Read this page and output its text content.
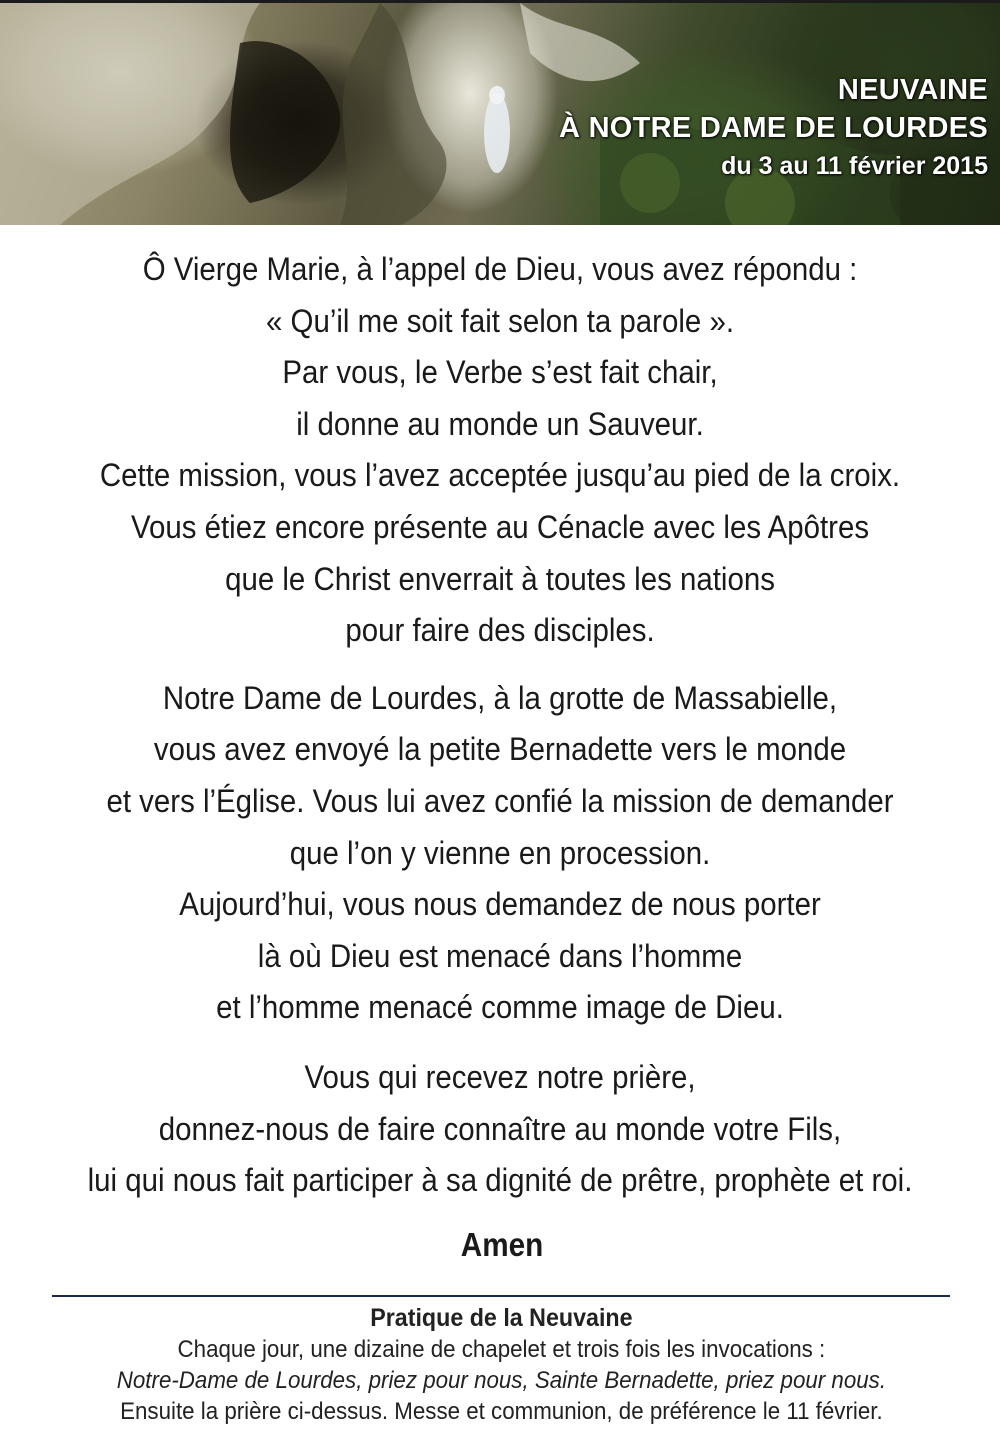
NEUVAINE
À NOTRE DAME DE LOURDES
du 3 au 11 février 2015
Ô Vierge Marie, à l’appel de Dieu, vous avez répondu :
« Qu’il me soit fait selon ta parole ».
Par vous, le Verbe s’est fait chair,
il donne au monde un Sauveur.
Cette mission, vous l’avez acceptée jusqu’au pied de la croix.
Vous étiez encore présente au Cénacle avec les Apôtres
que le Christ enverrait à toutes les nations
pour faire des disciples.
Notre Dame de Lourdes, à la grotte de Massabielle,
vous avez envoyé la petite Bernadette vers le monde
et vers l’Église. Vous lui avez confié la mission de demander
que l’on y vienne en procession.
Aujourd’hui, vous nous demandez de nous porter
là où Dieu est menacé dans l’homme
et l’homme menacé comme image de Dieu.
Vous qui recevez notre prière,
donnez-nous de faire connaître au monde votre Fils,
lui qui nous fait participer à sa dignité de prêtre, prophète et roi.
Amen
Pratique de la Neuvaine
Chaque jour, une dizaine de chapelet et trois fois les invocations :
Notre-Dame de Lourdes, priez pour nous, Sainte Bernadette, priez pour nous.
Ensuite la prière ci-dessus. Messe et communion, de préférence le 11 février.
